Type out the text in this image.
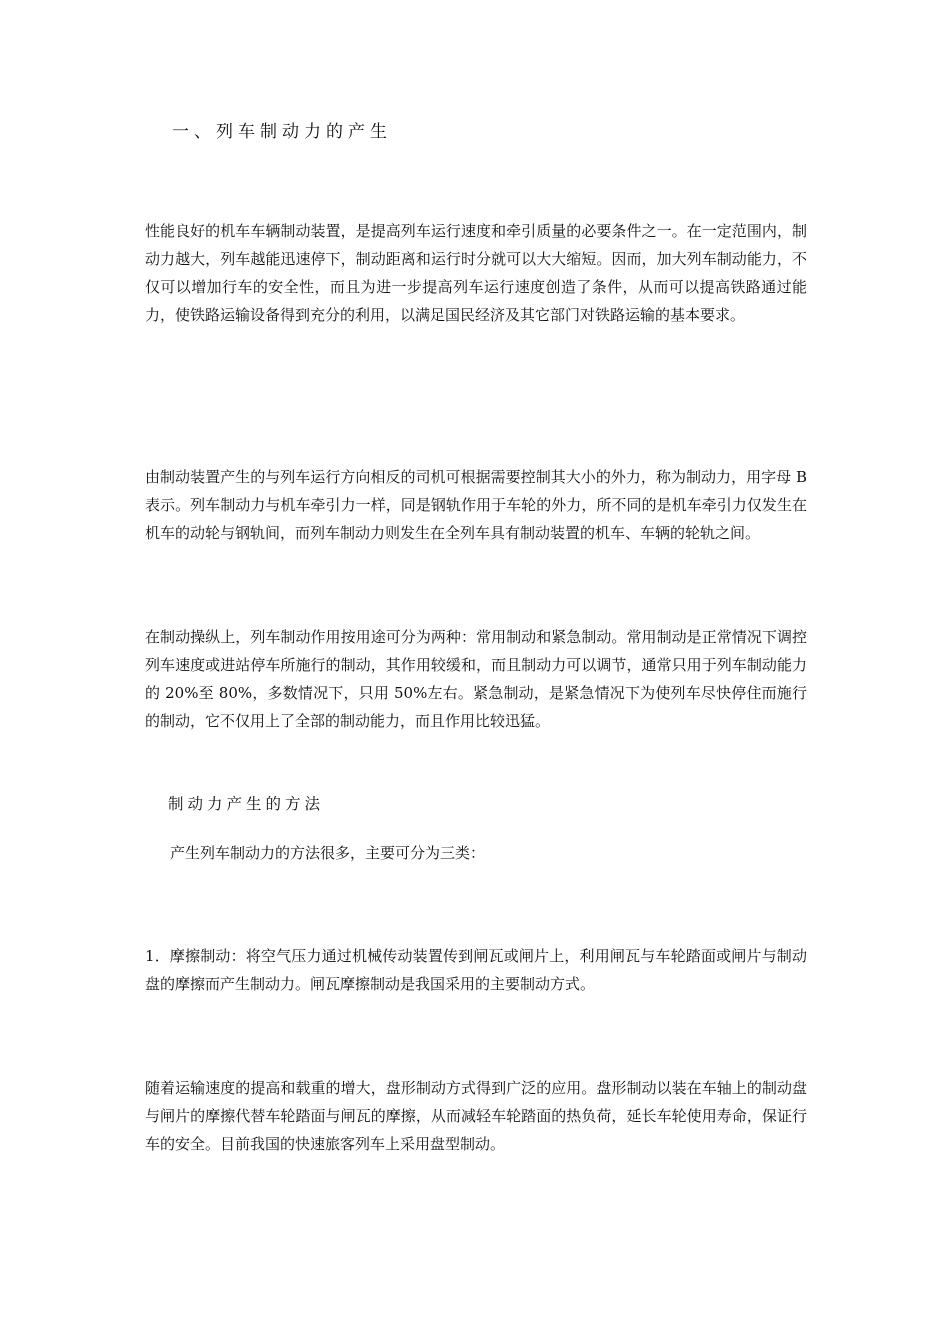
一、列车制动力的产生

性能良好的机车车辆制动装置，是提高列车运行速度和牵引质量的必要条件之一。在一定范围内，制动力越大，列车越能迅速停下，制动距离和运行时分就可以大大缩短。因而，加大列车制动能力，不仅可以增加行车的安全性，而且为进一步提高列车运行速度创造了条件，从而可以提高铁路通过能力，使铁路运输设备得到充分的利用，以满足国民经济及其它部门对铁路运输的基本要求。

由制动装置产生的与列车运行方向相反的司机可根据需要控制其大小的外力，称为制动力，用字母 B 表示。列车制动力与机车牵引力一样，同是钢轨作用于车轮的外力，所不同的是机车牵引力仅发生在机车的动轮与钢轨间，而列车制动力则发生在全列车具有制动装置的机车、车辆的轮轨之间。

在制动操纵上，列车制动作用按用途可分为两种：常用制动和紧急制动。常用制动是正常情况下调控列车速度或进站停车所施行的制动，其作用较缓和，而且制动力可以调节，通常只用于列车制动能力的 20%至 80%，多数情况下，只用 50%左右。紧急制动，是紧急情况下为使列车尽快停住而施行的制动，它不仅用上了全部的制动能力，而且作用比较迅猛。

制动力产生的方法

产生列车制动力的方法很多，主要可分为三类：

1．摩擦制动：将空气压力通过机械传动装置传到闸瓦或闸片上，利用闸瓦与车轮踏面或闸片与制动盘的摩擦而产生制动力。闸瓦摩擦制动是我国采用的主要制动方式。

随着运输速度的提高和载重的增大，盘形制动方式得到广泛的应用。盘形制动以装在车轴上的制动盘与闸片的摩擦代替车轮踏面与闸瓦的摩擦，从而减轻车轮踏面的热负荷，延长车轮使用寿命，保证行车的安全。目前我国的快速旅客列车上采用盘型制动。
